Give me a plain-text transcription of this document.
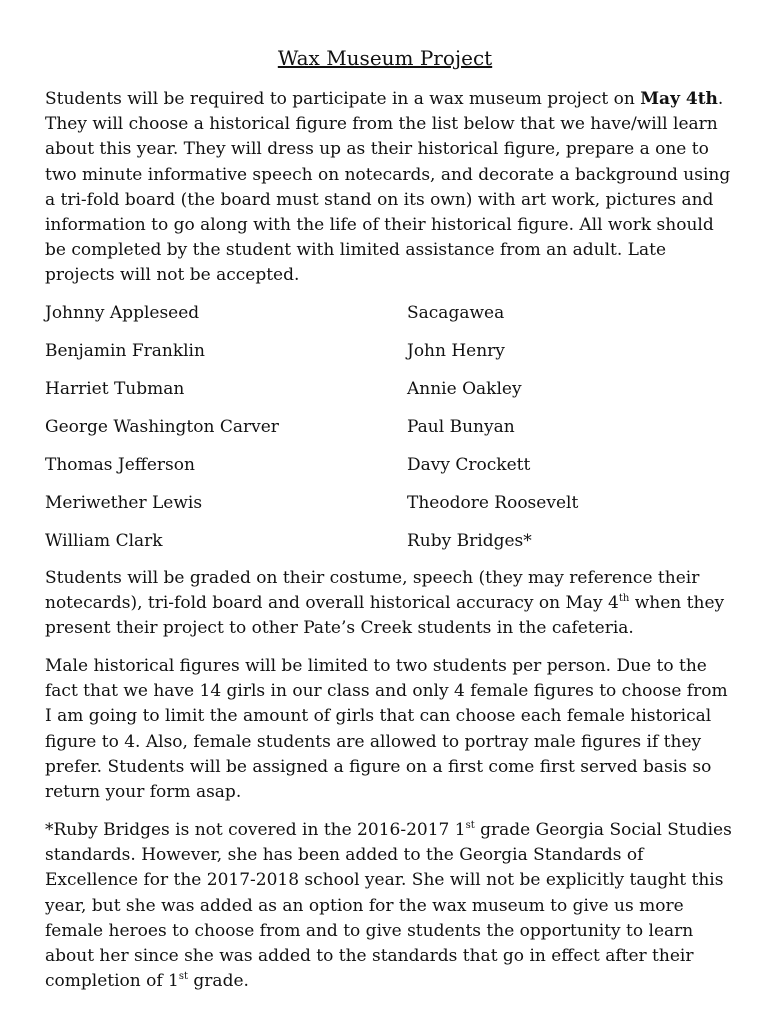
Wax Museum Project

Students will be required to participate in a wax museum project on May 4th. They will choose a historical figure from the list below that we have/will learn about this year. They will dress up as their historical figure, prepare a one to two minute informative speech on notecards, and decorate a background using a tri-fold board (the board must stand on its own) with art work, pictures and information to go along with the life of their historical figure. All work should be completed by the student with limited assistance from an adult. Late projects will not be accepted.

Johnny Appleseed	Sacagawea
Benjamin Franklin	John Henry
Harriet Tubman	Annie Oakley
George Washington Carver	Paul Bunyan
Thomas Jefferson	Davy Crockett
Meriwether Lewis	Theodore Roosevelt
William Clark	Ruby Bridges*

Students will be graded on their costume, speech (they may reference their notecards), tri-fold board and overall historical accuracy on May 4th when they present their project to other Pate’s Creek students in the cafeteria.

Male historical figures will be limited to two students per person. Due to the fact that we have 14 girls in our class and only 4 female figures to choose from I am going to limit the amount of girls that can choose each female historical figure to 4. Also, female students are allowed to portray male figures if they prefer. Students will be assigned a figure on a first come first served basis so return your form asap.

*Ruby Bridges is not covered in the 2016-2017 1st grade Georgia Social Studies standards. However, she has been added to the Georgia Standards of Excellence for the 2017-2018 school year. She will not be explicitly taught this year, but she was added as an option for the wax museum to give us more female heroes to choose from and to give students the opportunity to learn about her since she was added to the standards that go in effect after their completion of 1st grade.
